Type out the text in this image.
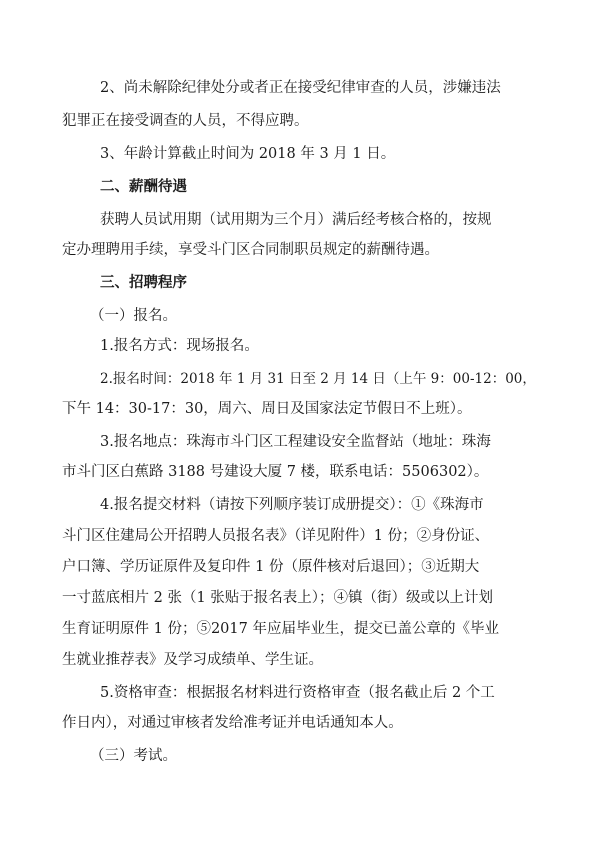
2、尚未解除纪律处分或者正在接受纪律审查的人员，涉嫌违法
犯罪正在接受调查的人员，不得应聘。
3、年龄计算截止时间为 2018 年 3 月 1 日。
二、薪酬待遇
获聘人员试用期（试用期为三个月）满后经考核合格的，按规
定办理聘用手续，享受斗门区合同制职员规定的薪酬待遇。
三、招聘程序
（一）报名。
1.报名方式：现场报名。
2.报名时间：2018 年 1 月 31 日至 2 月 14 日（上午 9：00-12：00，
下午 14：30-17：30，周六、周日及国家法定节假日不上班）。
3.报名地点：珠海市斗门区工程建设安全监督站（地址：珠海
市斗门区白蕉路 3188 号建设大厦 7 楼，联系电话：5506302）。
4.报名提交材料（请按下列顺序装订成册提交）：①《珠海市
斗门区住建局公开招聘人员报名表》（详见附件）1 份；②身份证、
户口簿、学历证原件及复印件 1 份（原件核对后退回）；③近期大
一寸蓝底相片 2 张（1 张贴于报名表上）；④镇（街）级或以上计划
生育证明原件 1 份；⑤2017 年应届毕业生，提交已盖公章的《毕业
生就业推荐表》及学习成绩单、学生证。
5.资格审查：根据报名材料进行资格审查（报名截止后 2 个工
作日内），对通过审核者发给准考证并电话通知本人。
（三）考试。
